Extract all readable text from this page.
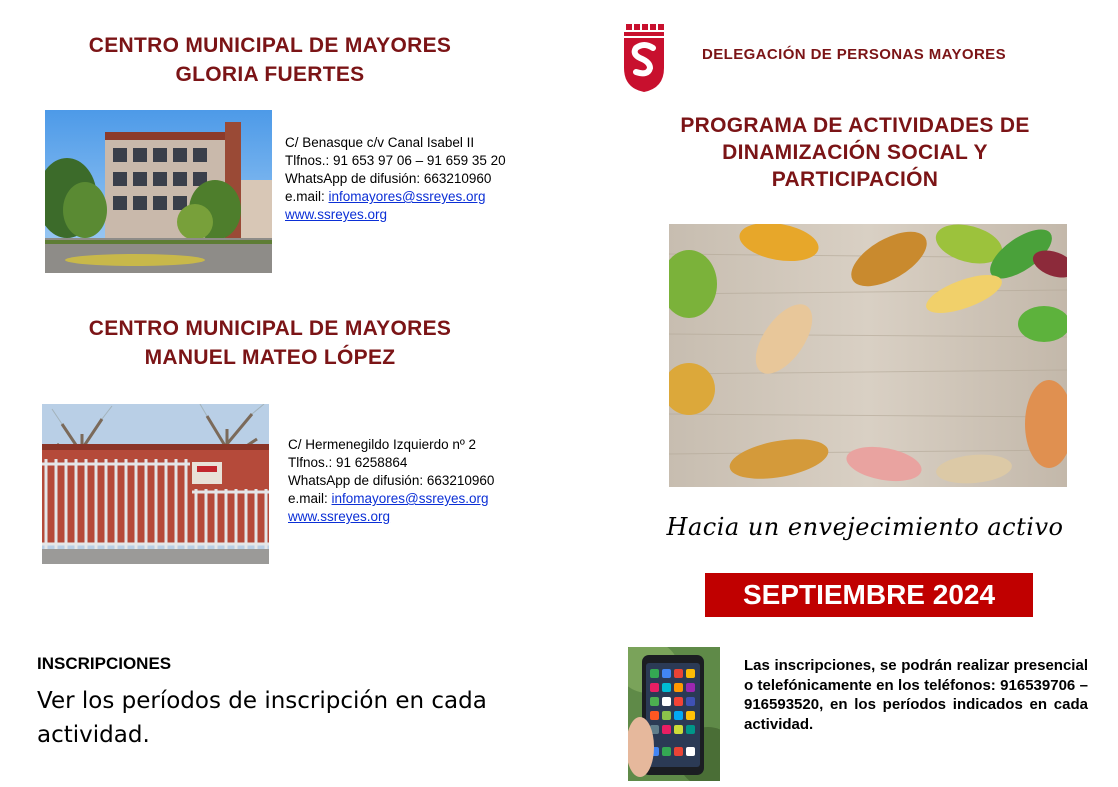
CENTRO MUNICIPAL DE MAYORES
GLORIA FUERTES
C/ Benasque c/v Canal Isabel II
Tlfnos.: 91 653 97 06 – 91 659 35 20
WhatsApp de difusión: 663210960
e.mail: infomayores@ssreyes.org
www.ssreyes.org
CENTRO MUNICIPAL DE MAYORES
MANUEL MATEO LÓPEZ
C/ Hermenegildo Izquierdo nº 2
Tlfnos.: 91 6258864
WhatsApp de difusión: 663210960
e.mail: infomayores@ssreyes.org
www.ssreyes.org
INSCRIPCIONES
Ver los períodos de inscripción en cada actividad.
DELEGACIÓN DE PERSONAS MAYORES
PROGRAMA DE ACTIVIDADES DE
DINAMIZACIÓN SOCIAL Y
PARTICIPACIÓN
Hacia un envejecimiento activo
SEPTIEMBRE 2024
Las inscripciones, se podrán realizar presencial o telefónicamente en los teléfonos: 916539706 – 916593520, en los períodos indicados en cada actividad.
